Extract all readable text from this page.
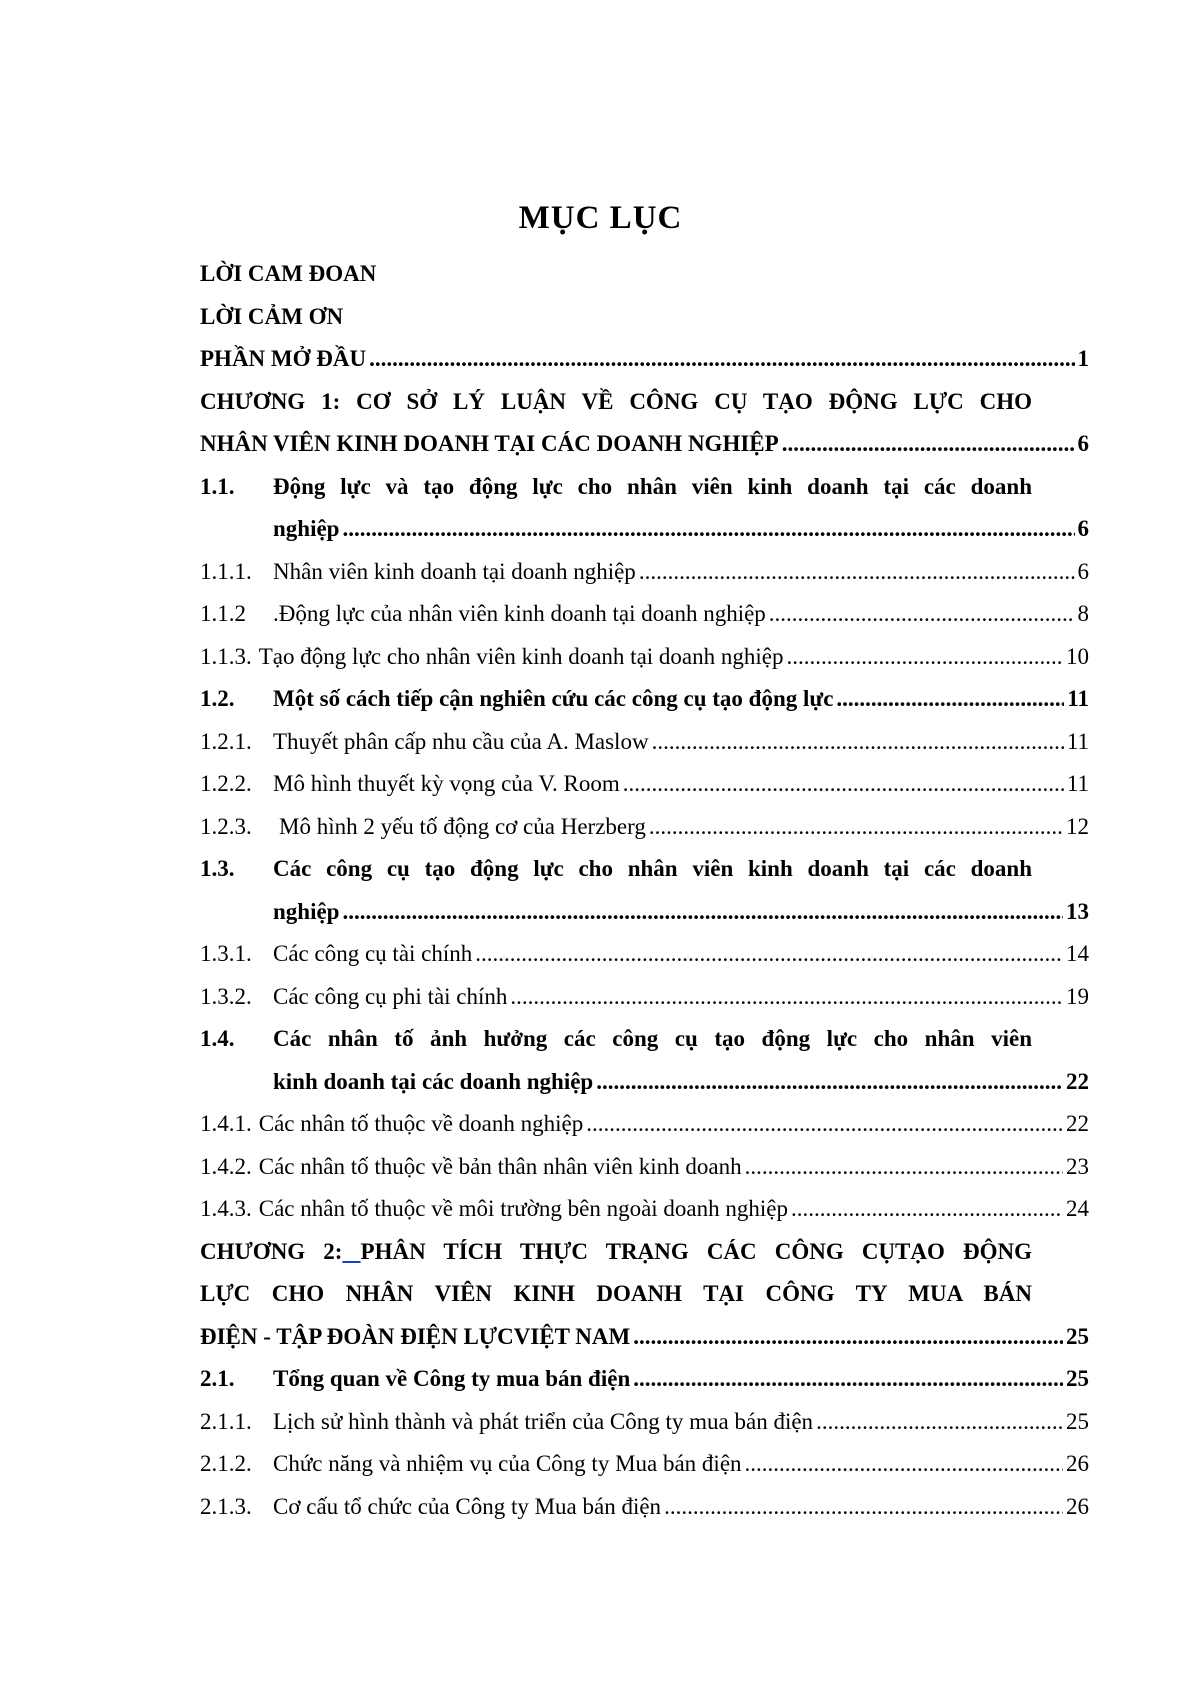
MỤC LỤC
LỜI CAM ĐOAN
LỜI CẢM ƠN
PHẦN MỞ ĐẦU .....	1
CHƯƠNG 1: CƠ SỞ LÝ LUẬN VỀ CÔNG CỤ TẠO ĐỘNG LỰC CHO
NHÂN VIÊN KINH DOANH TẠI CÁC DOANH NGHIỆP .....	6
1.1.	Động lực và tạo động lực cho nhân viên kinh doanh tại các doanh
nghiệp .....	6
1.1.1. Nhân viên kinh doanh tại doanh nghiệp .....	6
1.1.2	.Động lực của nhân viên kinh doanh tại doanh nghiệp .....	8
1.1.3. Tạo động lực cho nhân viên kinh doanh tại doanh nghiệp .....	10
1.2.	Một số cách tiếp cận nghiên cứu các công cụ tạo động lực .....	11
1.2.1. Thuyết phân cấp nhu cầu của A. Maslow .....	11
1.2.2. Mô hình thuyết kỳ vọng của V. Room .....	11
1.2.3.	Mô hình 2 yếu tố động cơ của Herzberg .....	12
1.3.	Các công cụ tạo động lực cho nhân viên kinh doanh tại các doanh
nghiệp .....	13
1.3.1. Các công cụ tài chính .....	14
1.3.2. Các công cụ phi tài chính .....	19
1.4.	Các nhân tố ảnh hưởng các công cụ tạo động lực cho nhân viên
kinh doanh tại các doanh nghiệp .....	22
1.4.1. Các nhân tố thuộc về doanh nghiệp .....	22
1.4.2. Các nhân tố thuộc về bản thân nhân viên kinh doanh .....	23
1.4.3. Các nhân tố thuộc về môi trường bên ngoài doanh nghiệp .....	24
CHƯƠNG 2: PHÂN TÍCH THỰC TRẠNG CÁC CÔNG CỤTẠO ĐỘNG
LỰC CHO NHÂN VIÊN KINH DOANH TẠI CÔNG TY MUA BÁN
ĐIỆN - TẬP ĐOÀN ĐIỆN LỰCVIỆT NAM .....	25
2.1.	Tổng quan về Công ty mua bán điện .....	25
2.1.1. Lịch sử hình thành và phát triển của Công ty mua bán điện .....	25
2.1.2. Chức năng và nhiệm vụ của Công ty Mua bán điện .....	26
2.1.3. Cơ cấu tổ chức của Công ty Mua bán điện .....	26
